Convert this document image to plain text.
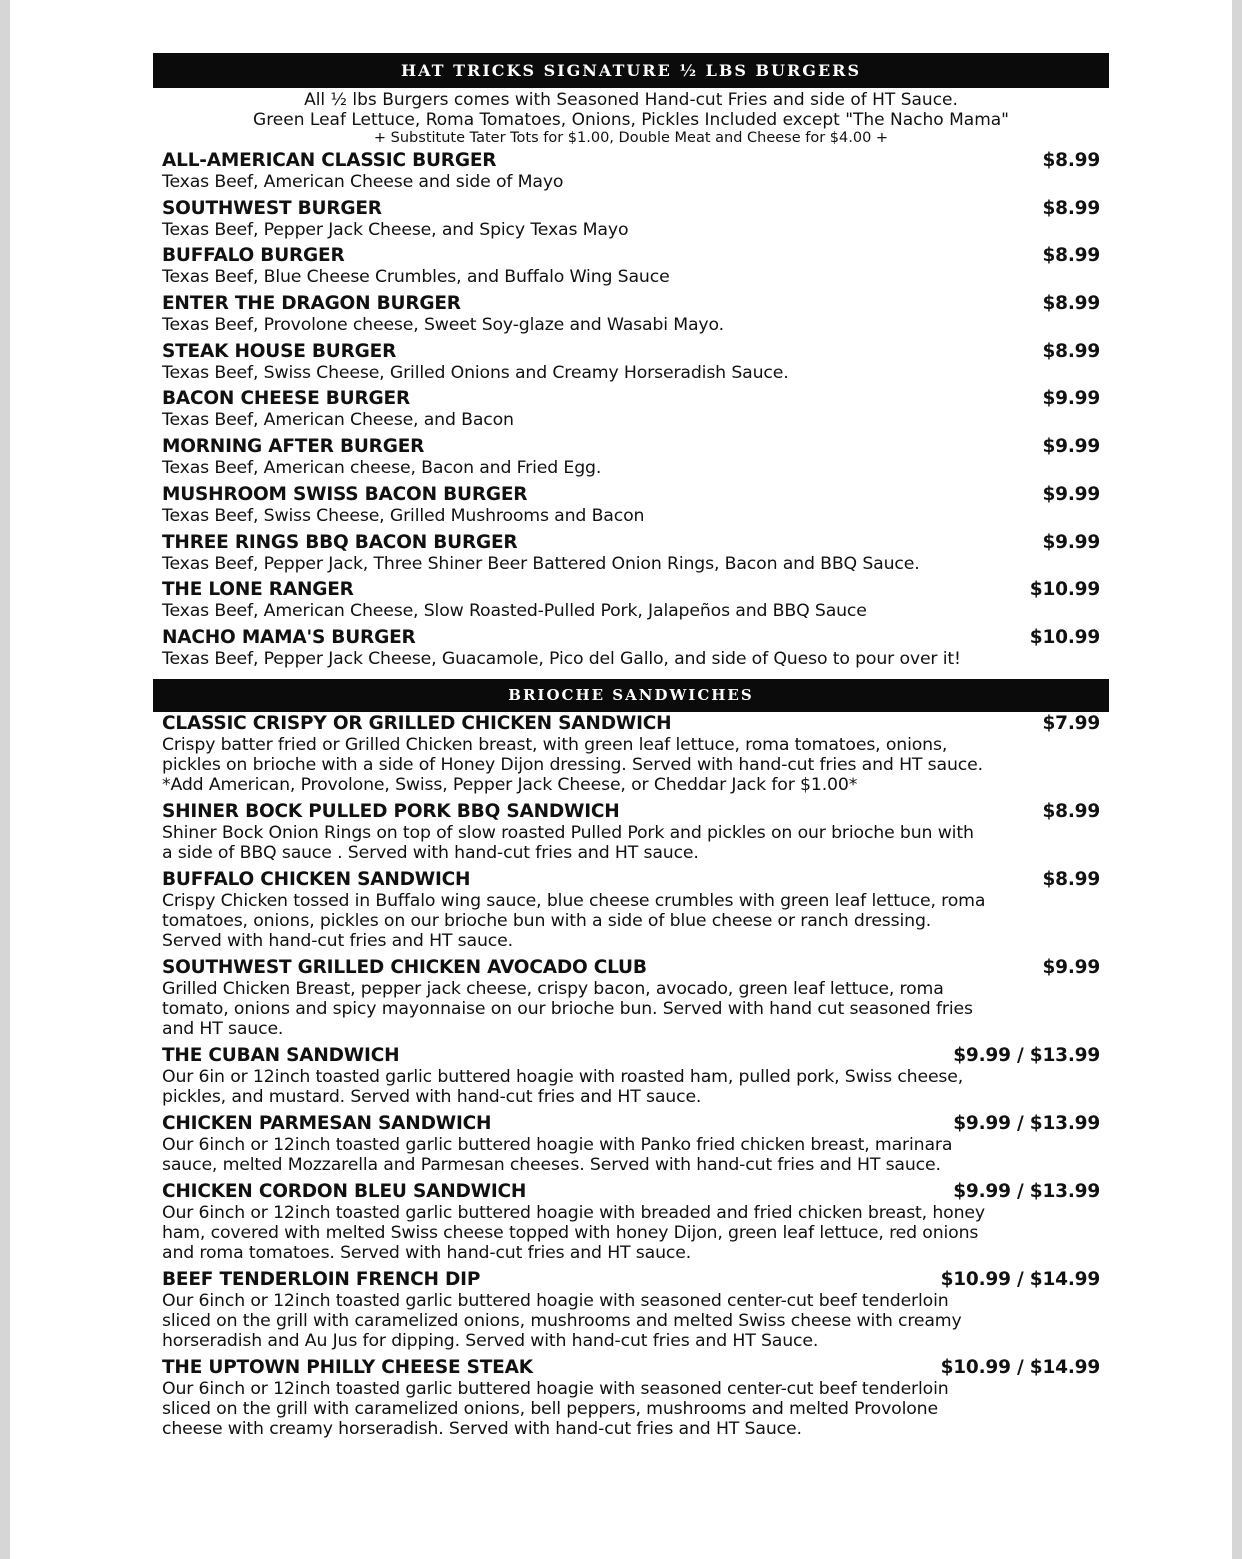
HAT TRICKS SIGNATURE ½ LBS BURGERS
All ½ lbs Burgers comes with Seasoned Hand-cut Fries and side of HT Sauce.
Green Leaf Lettuce, Roma Tomatoes, Onions, Pickles Included except "The Nacho Mama"
+ Substitute Tater Tots for $1.00, Double Meat and Cheese for $4.00 +
ALL-AMERICAN CLASSIC BURGER	$8.99
Texas Beef, American Cheese and side of Mayo
SOUTHWEST BURGER	$8.99
Texas Beef, Pepper Jack Cheese, and Spicy Texas Mayo
BUFFALO BURGER	$8.99
Texas Beef, Blue Cheese Crumbles, and Buffalo Wing Sauce
ENTER THE DRAGON BURGER	$8.99
Texas Beef, Provolone cheese, Sweet Soy-glaze and Wasabi Mayo.
STEAK HOUSE BURGER	$8.99
Texas Beef, Swiss Cheese, Grilled Onions and Creamy Horseradish Sauce.
BACON CHEESE BURGER	$9.99
Texas Beef, American Cheese, and Bacon
MORNING AFTER BURGER	$9.99
Texas Beef, American cheese, Bacon and Fried Egg.
MUSHROOM SWISS BACON BURGER	$9.99
Texas Beef, Swiss Cheese, Grilled Mushrooms and Bacon
THREE RINGS BBQ BACON BURGER	$9.99
Texas Beef, Pepper Jack, Three Shiner Beer Battered Onion Rings, Bacon and BBQ Sauce.
THE LONE RANGER	$10.99
Texas Beef, American Cheese, Slow Roasted-Pulled Pork, Jalapeños and BBQ Sauce
NACHO MAMA'S BURGER	$10.99
Texas Beef, Pepper Jack Cheese, Guacamole, Pico del Gallo, and side of Queso to pour over it!
BRIOCHE SANDWICHES
CLASSIC CRISPY OR GRILLED CHICKEN SANDWICH	$7.99
Crispy batter fried or Grilled Chicken breast, with green leaf lettuce, roma tomatoes, onions,
pickles on brioche with a side of Honey Dijon dressing. Served with hand-cut fries and HT sauce.
*Add American, Provolone, Swiss, Pepper Jack Cheese, or Cheddar Jack for $1.00*
SHINER BOCK PULLED PORK BBQ SANDWICH	$8.99
Shiner Bock Onion Rings on top of slow roasted Pulled Pork and pickles on our brioche bun with
a side of BBQ sauce . Served with hand-cut fries and HT sauce.
BUFFALO CHICKEN SANDWICH	$8.99
Crispy Chicken tossed in Buffalo wing sauce, blue cheese crumbles with green leaf lettuce, roma
tomatoes, onions, pickles on our brioche bun with a side of blue cheese or ranch dressing.
Served with hand-cut fries and HT sauce.
SOUTHWEST GRILLED CHICKEN AVOCADO CLUB	$9.99
Grilled Chicken Breast, pepper jack cheese, crispy bacon, avocado, green leaf lettuce, roma
tomato, onions and spicy mayonnaise on our brioche bun. Served with hand cut seasoned fries
and HT sauce.
THE CUBAN SANDWICH	$9.99 / $13.99
Our 6in or 12inch toasted garlic buttered hoagie with roasted ham, pulled pork, Swiss cheese,
pickles, and mustard. Served with hand-cut fries and HT sauce.
CHICKEN PARMESAN SANDWICH	$9.99 / $13.99
Our 6inch or 12inch toasted garlic buttered hoagie with Panko fried chicken breast, marinara
sauce, melted Mozzarella and Parmesan cheeses. Served with hand-cut fries and HT sauce.
CHICKEN CORDON BLEU SANDWICH	$9.99 / $13.99
Our 6inch or 12inch toasted garlic buttered hoagie with breaded and fried chicken breast, honey
ham, covered with melted Swiss cheese topped with honey Dijon, green leaf lettuce, red onions
and roma tomatoes. Served with hand-cut fries and HT sauce.
BEEF TENDERLOIN FRENCH DIP	$10.99 / $14.99
Our 6inch or 12inch toasted garlic buttered hoagie with seasoned center-cut beef tenderloin
sliced on the grill with caramelized onions, mushrooms and melted Swiss cheese with creamy
horseradish and Au Jus for dipping. Served with hand-cut fries and HT Sauce.
THE UPTOWN PHILLY CHEESE STEAK	$10.99 / $14.99
Our 6inch or 12inch toasted garlic buttered hoagie with seasoned center-cut beef tenderloin
sliced on the grill with caramelized onions, bell peppers, mushrooms and melted Provolone
cheese with creamy horseradish. Served with hand-cut fries and HT Sauce.
